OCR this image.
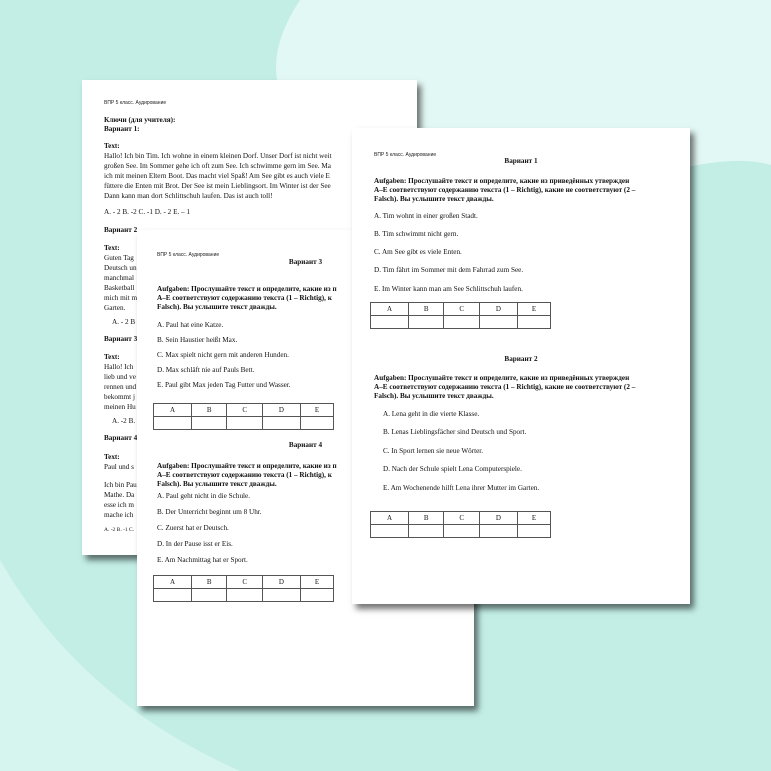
ВПР 5 класс. Аудирование
Ключи (для учителя):
Вариант 1:
Text:
Hallo! Ich bin Tim. Ich wohne in einem kleinen Dorf. Unser Dorf ist nicht weit
großen See. Im Sommer gehe ich oft zum See. Ich schwimme gern im See. Ma
ich mit meinen Eltern Boot. Das macht viel Spaß! Am See gibt es auch viele E
füttere die Enten mit Brot. Der See ist mein Lieblingsort. Im Winter ist der See
Dann kann man dort Schlittschuh laufen. Das ist auch toll!
A. - 2 B. -2 C. -1 D. - 2 E. – 1
Вариант 2
Text:
Guten Tag
Deutsch un
manchmal
Basketball
mich mit m
Garten.
A. - 2 B
Вариант 3
Text:
Hallo! Ich
lieb und ve
rennen und
bekommt j
meinen Hu
A. -2 B.
Вариант 4
Text:
Paul und s
Ich bin Pau
Mathe. Da
esse ich m
mache ich
A. -2 B. -1 C.
ВПР 5 класс. Аудирование
Вариант 3
Aufgaben: Прослушайте текст и определите, какие из п
A–E соответствуют содержанию текста (1 – Richtig), к
Falsch). Вы услышите текст дважды.
A. Paul hat eine Katze.
B. Sein Haustier heißt Max.
C. Max spielt nicht gern mit anderen Hunden.
D. Max schläft nie auf Pauls Bett.
E. Paul gibt Max jeden Tag Futter und Wasser.
A	B	C	D	E

Вариант 4
Aufgaben: Прослушайте текст и определите, какие из п
A–E соответствуют содержанию текста (1 – Richtig), к
Falsch). Вы услышите текст дважды.
A. Paul geht nicht in die Schule.
B. Der Unterricht beginnt um 8 Uhr.
C. Zuerst hat er Deutsch.
D. In der Pause isst er Eis.
E. Am Nachmittag hat er Sport.
A	B	C	D	E

ВПР 5 класс. Аудирование
Вариант 1
Aufgaben: Прослушайте текст и определите, какие из приведённых утвержден
A–E соответствуют содержанию текста (1 – Richtig), какие не соответствуют (2 –
Falsch). Вы услышите текст дважды.
A. Tim wohnt in einer großen Stadt.
B. Tim schwimmt nicht gern.
C. Am See gibt es viele Enten.
D. Tim fährt im Sommer mit dem Fahrrad zum See.
E. Im Winter kann man am See Schlittschuh laufen.
A	B	C	D	E

Вариант 2
Aufgaben: Прослушайте текст и определите, какие из приведённых утвержден
A–E соответствуют содержанию текста (1 – Richtig), какие не соответствуют (2 –
Falsch). Вы услышите текст дважды.
A. Lena geht in die vierte Klasse.
B. Lenas Lieblingsfächer sind Deutsch und Sport.
C. In Sport lernen sie neue Wörter.
D. Nach der Schule spielt Lena Computerspiele.
E. Am Wochenende hilft Lena ihrer Mutter im Garten.
A	B	C	D	E
